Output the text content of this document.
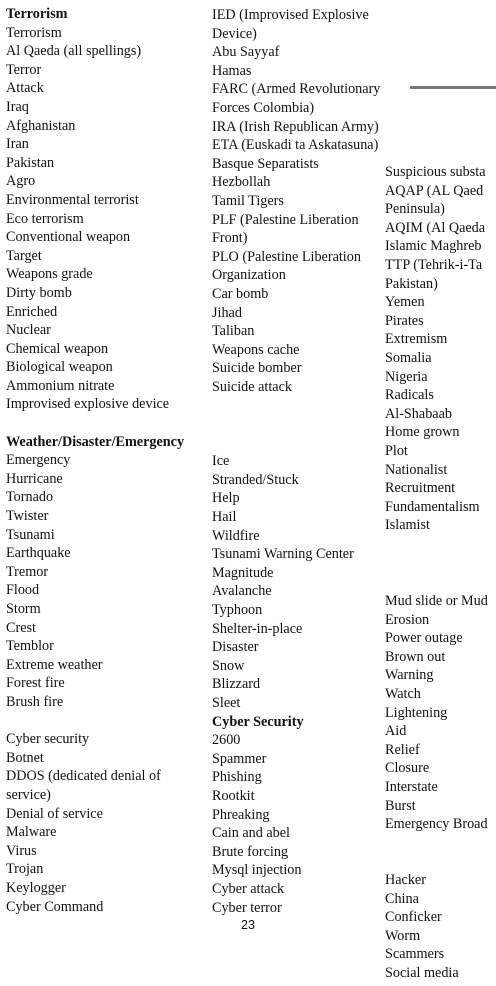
Terrorism
Terrorism
Al Qaeda (all spellings)
Terror
Attack
Iraq
Afghanistan
Iran
Pakistan
Agro
Environmental terrorist
Eco terrorism
Conventional weapon
Target
Weapons grade
Dirty bomb
Enriched
Nuclear
Chemical weapon
Biological weapon
Ammonium nitrate
Improvised explosive device
Weather/Disaster/Emergency
Emergency
Hurricane
Tornado
Twister
Tsunami
Earthquake
Tremor
Flood
Storm
Crest
Temblor
Extreme weather
Forest fire
Brush fire
Cyber security
Botnet
DDOS (dedicated denial of
service)
Denial of service
Malware
Virus
Trojan
Keylogger
Cyber Command
IED (Improvised Explosive
Device)
Abu Sayyaf
Hamas
FARC (Armed Revolutionary
Forces Colombia)
IRA (Irish Republican Army)
ETA (Euskadi ta Askatasuna)
Basque Separatists
Hezbollah
Tamil Tigers
PLF (Palestine Liberation
Front)
PLO (Palestine Liberation
Organization
Car bomb
Jihad
Taliban
Weapons cache
Suicide bomber
Suicide attack
Ice
Stranded/Stuck
Help
Hail
Wildfire
Tsunami Warning Center
Magnitude
Avalanche
Typhoon
Shelter-in-place
Disaster
Snow
Blizzard
Sleet
Cyber Security
2600
Spammer
Phishing
Rootkit
Phreaking
Cain and abel
Brute forcing
Mysql injection
Cyber attack
Cyber terror
Suspicious substa
AQAP (AL Qaed
Peninsula)
AQIM (Al Qaeda
Islamic Maghreb
TTP (Tehrik-i-Ta
Pakistan)
Yemen
Pirates
Extremism
Somalia
Nigeria
Radicals
Al-Shabaab
Home grown
Plot
Nationalist
Recruitment
Fundamentalism
Islamist
Mud slide or Mud
Erosion
Power outage
Brown out
Warning
Watch
Lightening
Aid
Relief
Closure
Interstate
Burst
Emergency Broad
Hacker
China
Conficker
Worm
Scammers
Social media
23
